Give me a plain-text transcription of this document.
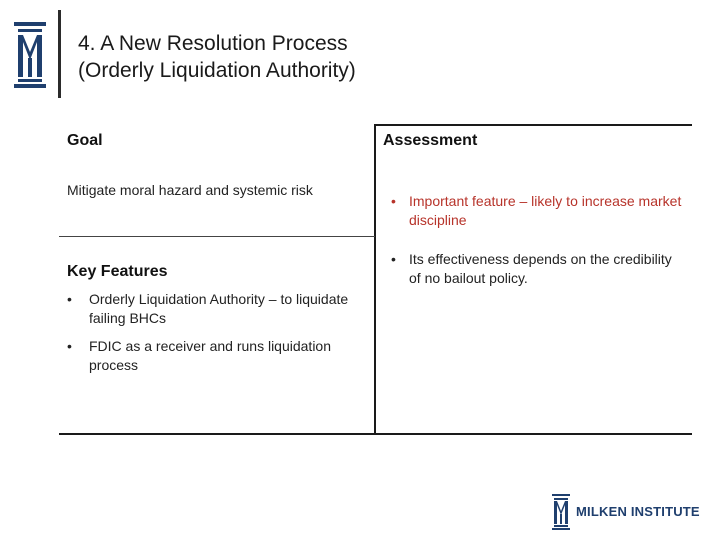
4. A New Resolution Process
(Orderly Liquidation Authority)
Goal
Mitigate moral hazard and systemic risk
Key Features
• Orderly Liquidation Authority – to liquidate failing BHCs
• FDIC as a receiver and runs liquidation process
Assessment
• Important feature – likely to increase market discipline
• Its effectiveness depends on the credibility of no bailout policy.
MILKEN INSTITUTE
